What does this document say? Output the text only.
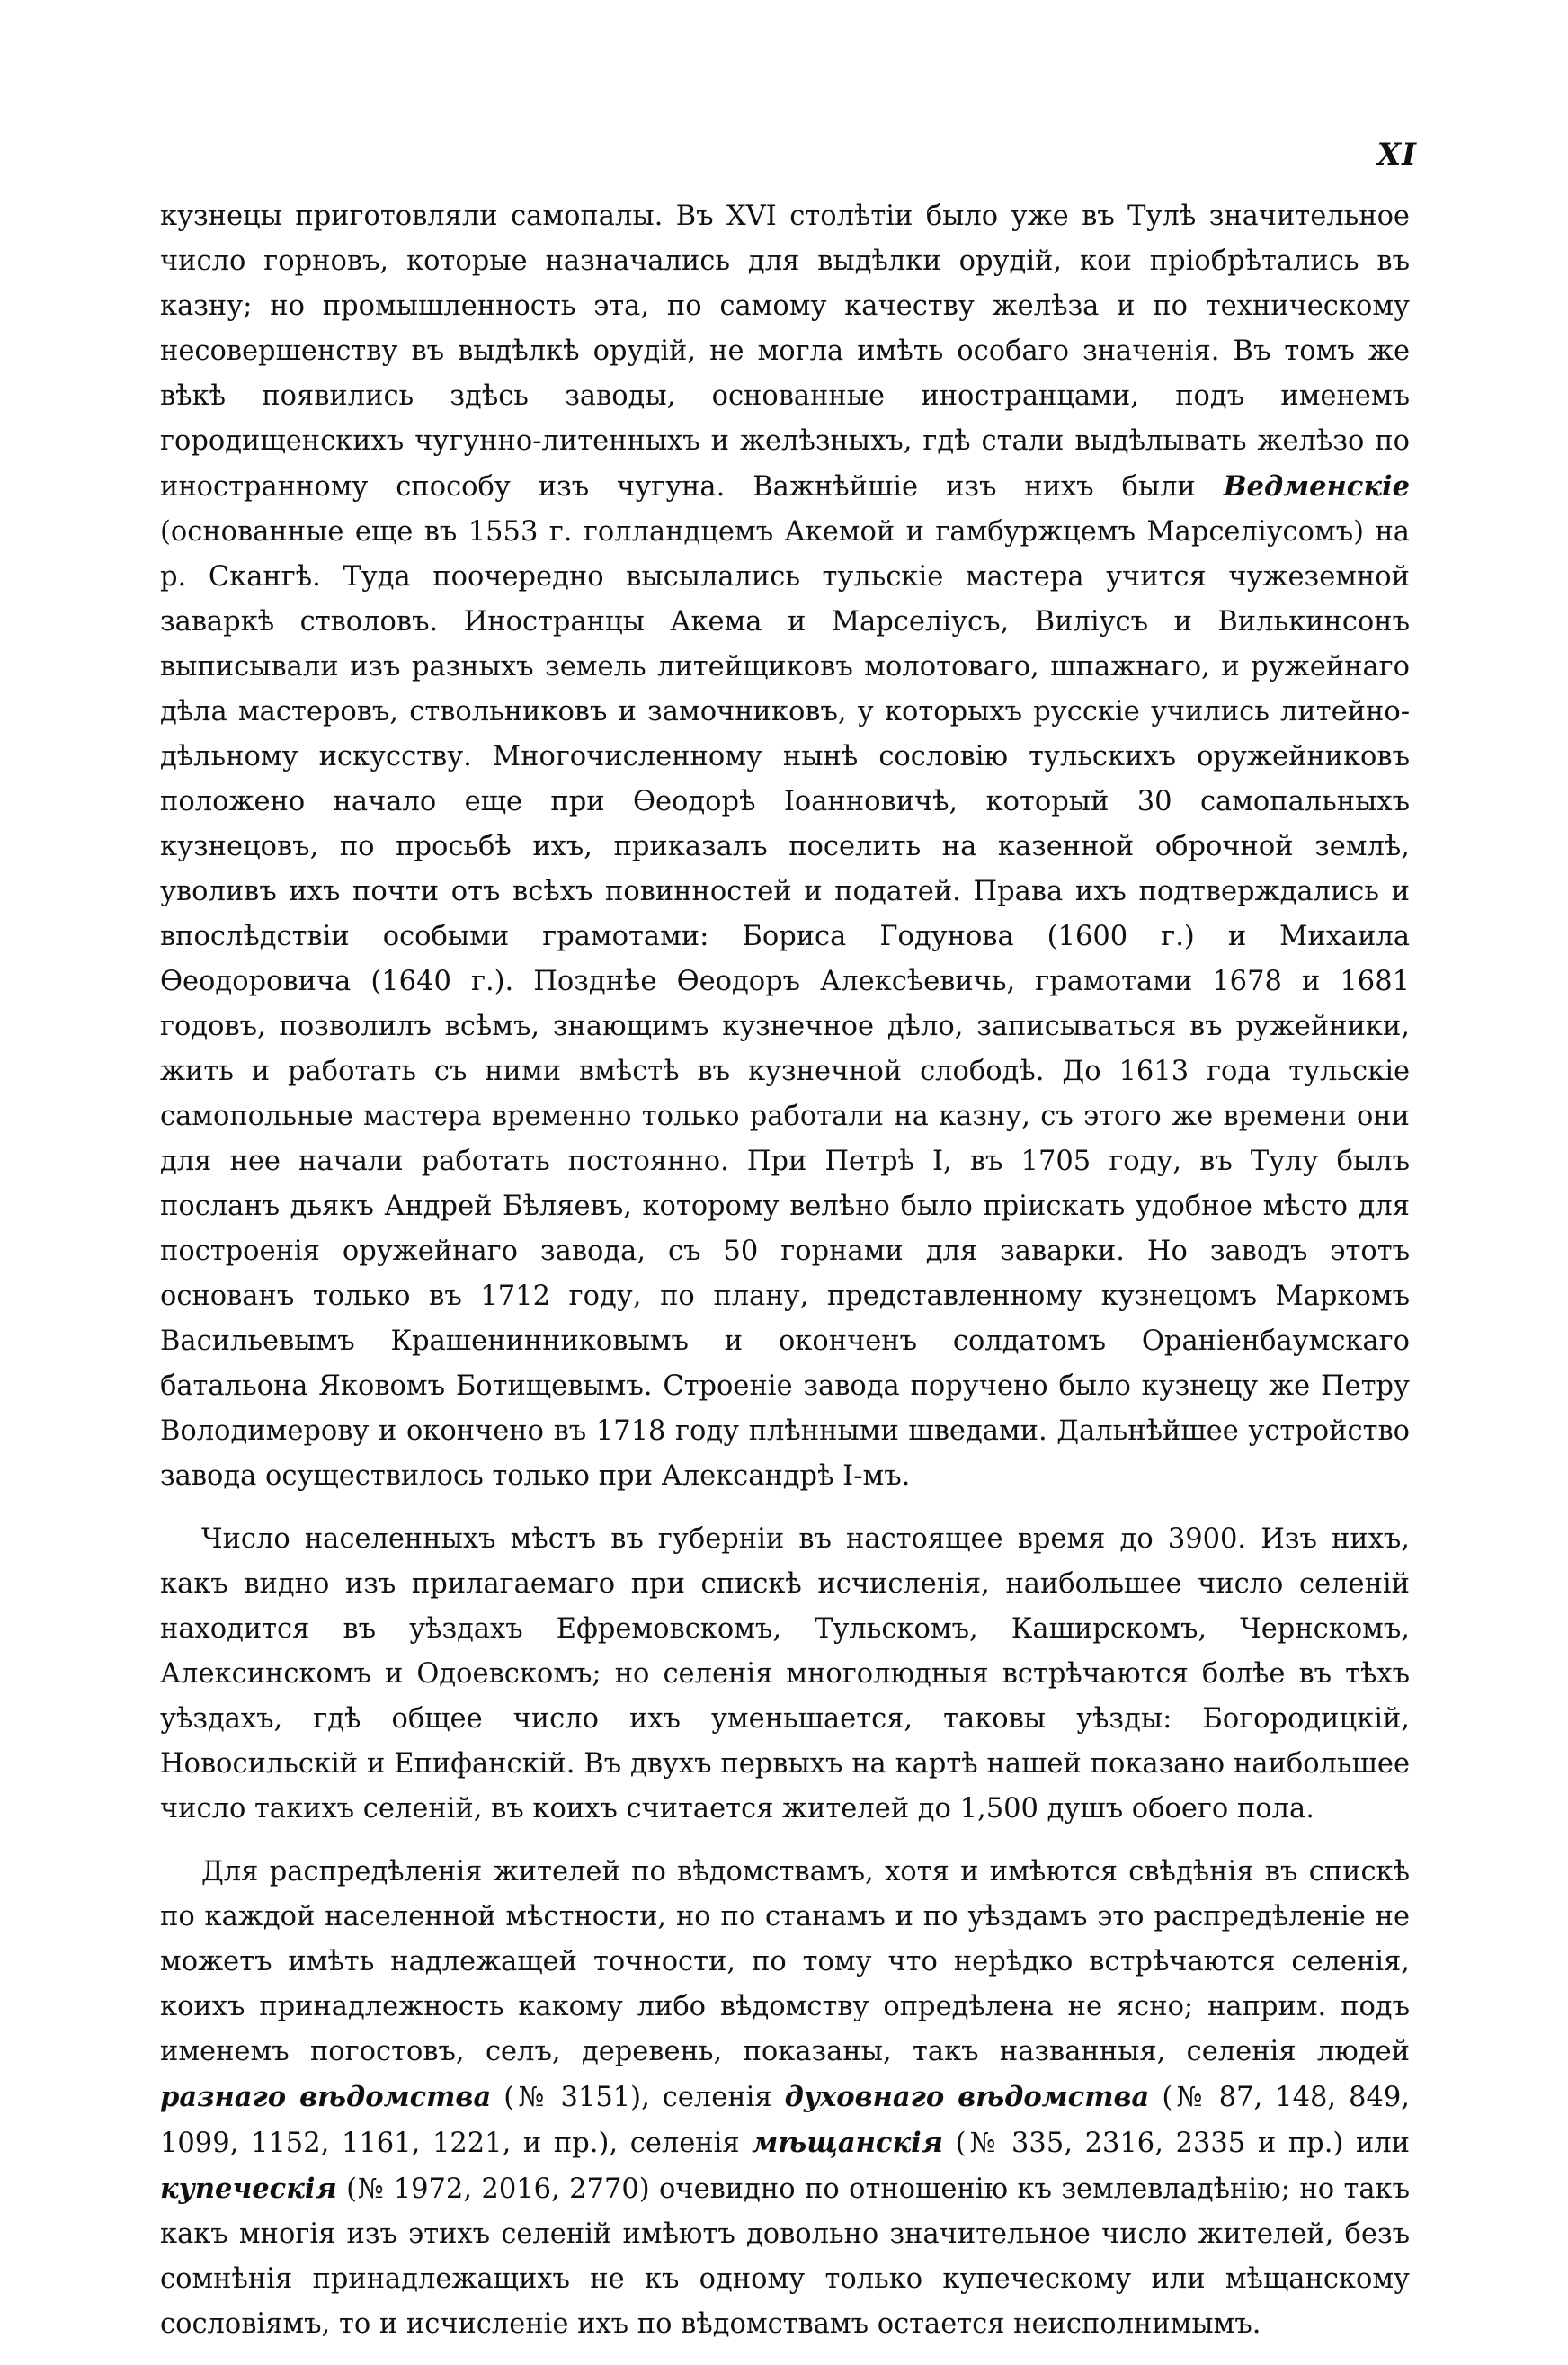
XI

кузнецы приготовляли самопалы. Въ XVI столѣтіи было уже въ Тулѣ значительное число горновъ, которые назначались для выдѣлки орудій, кои пріобрѣтались въ казну; но промышленность эта, по самому качеству желѣза и по техническому несовершенству въ выдѣлкѣ орудій, не могла имѣть особаго значенія. Въ томъ же вѣкѣ появились здѣсь заводы, основанные иностранцами, подъ именемъ городищенскихъ чугунно-литенныхъ и желѣзныхъ, гдѣ стали выдѣлывать желѣзо по иностранному способу изъ чугуна. Важнѣйшіе изъ нихъ были Ведменскіе (основанные еще въ 1553 г. голландцемъ Акемой и гамбуржцемъ Марселіусомъ) на р. Скангѣ. Туда поочередно высылались тульскіе мастера учится чужеземной заваркѣ стволовъ. Иностранцы Акема и Марселіусъ, Виліусъ и Вилькинсонъ выписывали изъ разныхъ земель литейщиковъ молотоваго, шпажнаго, и ружейнаго дѣла мастеровъ, ствольниковъ и замочниковъ, у которыхъ русскіе учились литейно-дѣльному искусству. Многочисленному нынѣ сословію тульскихъ оружейниковъ положено начало еще при Ѳеодорѣ Іоанновичѣ, который 30 самопальныхъ кузнецовъ, по просьбѣ ихъ, приказалъ поселить на казенной оброчной землѣ, уволивъ ихъ почти отъ всѣхъ повинностей и податей. Права ихъ подтверждались и впослѣдствіи особыми грамотами: Бориса Годунова (1600 г.) и Михаила Ѳеодоровича (1640 г.). Позднѣе Ѳеодоръ Алексѣевичь, грамотами 1678 и 1681 годовъ, позволилъ всѣмъ, знающимъ кузнечное дѣло, записываться въ ружейники, жить и работать съ ними вмѣстѣ въ кузнечной слободѣ. До 1613 года тульскіе самопольные мастера временно только работали на казну, съ этого же времени они для нее начали работать постоянно. При Петрѣ I, въ 1705 году, въ Тулу былъ посланъ дьякъ Андрей Бѣляевъ, которому велѣно было пріискать удобное мѣсто для построенія оружейнаго завода, съ 50 горнами для заварки. Но заводъ этотъ основанъ только въ 1712 году, по плану, представленному кузнецомъ Маркомъ Васильевымъ Крашенинниковымъ и оконченъ солдатомъ Ораніенбаумскаго батальона Яковомъ Ботищевымъ. Строеніе завода поручено было кузнецу же Петру Володимерову и окончено въ 1718 году плѣнными шведами. Дальнѣйшее устройство завода осуществилось только при Александрѣ I-мъ.

Число населенныхъ мѣстъ въ губерніи въ настоящее время до 3900. Изъ нихъ, какъ видно изъ прилагаемаго при спискѣ исчисленія, наибольшее число селеній находится въ уѣздахъ Ефремовскомъ, Тульскомъ, Каширскомъ, Чернскомъ, Алексинскомъ и Одоевскомъ; но селенія многолюдныя встрѣчаются болѣе въ тѣхъ уѣздахъ, гдѣ общее число ихъ уменьшается, таковы уѣзды: Богородицкій, Новосильскій и Епифанскій. Въ двухъ первыхъ на картѣ нашей показано наибольшее число такихъ селеній, въ коихъ считается жителей до 1,500 душъ обоего пола.

Для распредѣленія жителей по вѣдомствамъ, хотя и имѣются свѣдѣнія въ спискѣ по каждой населенной мѣстности, но по станамъ и по уѣздамъ это распредѣленіе не можетъ имѣть надлежащей точности, по тому что нерѣдко встрѣчаются селенія, коихъ принадлежность какому либо вѣдомству опредѣлена не ясно; наприм. подъ именемъ погостовъ, селъ, деревень, показаны, такъ названныя, селенія людей разнаго вѣдомства (№ 3151), селенія духовнаго вѣдомства (№ 87, 148, 849, 1099, 1152, 1161, 1221, и пр.), селенія мѣщанскія (№ 335, 2316, 2335 и пр.) или купеческія (№ 1972, 2016, 2770) очевидно по отношенію къ землевладѣнію; но такъ какъ многія изъ этихъ селеній имѣютъ довольно значительное число жителей, безъ сомнѣнія принадлежащихъ не къ одному только купеческому или мѣщанскому сословіямъ, то и исчисленіе ихъ по вѣдомствамъ остается неисполнимымъ.
